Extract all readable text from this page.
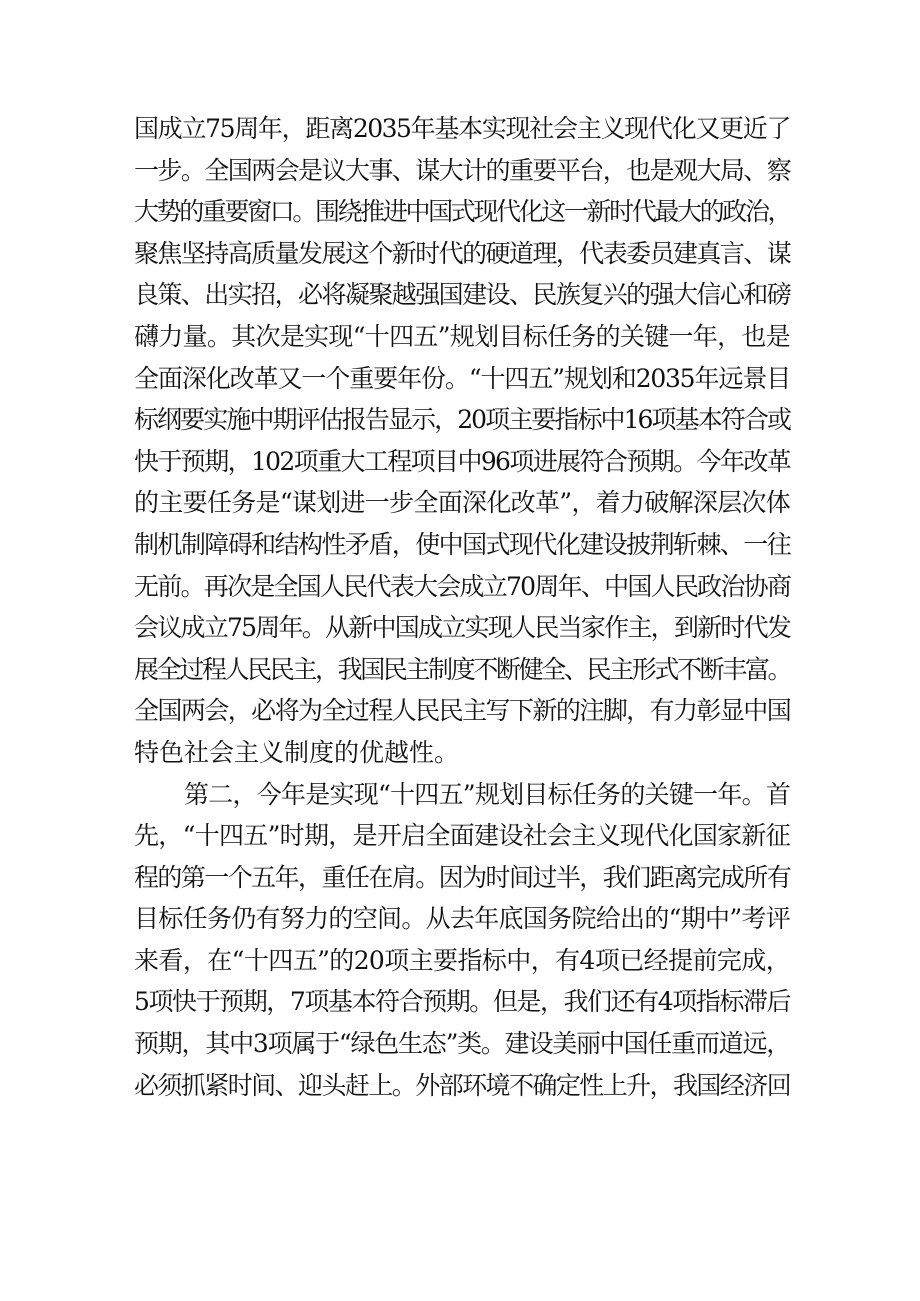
国成立75周年，距离2035年基本实现社会主义现代化又更近了
一步。全国两会是议大事、谋大计的重要平台，也是观大局、察
大势的重要窗口。围绕推进中国式现代化这一新时代最大的政治，
聚焦坚持高质量发展这个新时代的硬道理，代表委员建真言、谋
良策、出实招，必将凝聚越强国建设、民族复兴的强大信心和磅
礴力量。其次是实现“十四五”规划目标任务的关键一年，也是
全面深化改革又一个重要年份。“十四五”规划和2035年远景目
标纲要实施中期评估报告显示，20项主要指标中16项基本符合或
快于预期，102项重大工程项目中96项进展符合预期。今年改革
的主要任务是“谋划进一步全面深化改革”，着力破解深层次体
制机制障碍和结构性矛盾，使中国式现代化建设披荆斩棘、一往
无前。再次是全国人民代表大会成立70周年、中国人民政治协商
会议成立75周年。从新中国成立实现人民当家作主，到新时代发
展全过程人民民主，我国民主制度不断健全、民主形式不断丰富。
全国两会，必将为全过程人民民主写下新的注脚，有力彰显中国
特色社会主义制度的优越性。
第二，今年是实现“十四五”规划目标任务的关键一年。首
先，“十四五”时期，是开启全面建设社会主义现代化国家新征
程的第一个五年，重任在肩。因为时间过半，我们距离完成所有
目标任务仍有努力的空间。从去年底国务院给出的“期中”考评
来看，在“十四五”的20项主要指标中，有4项已经提前完成，
5项快于预期，7项基本符合预期。但是，我们还有4项指标滞后
预期，其中3项属于“绿色生态”类。建设美丽中国任重而道远，
必须抓紧时间、迎头赶上。外部环境不确定性上升，我国经济回
